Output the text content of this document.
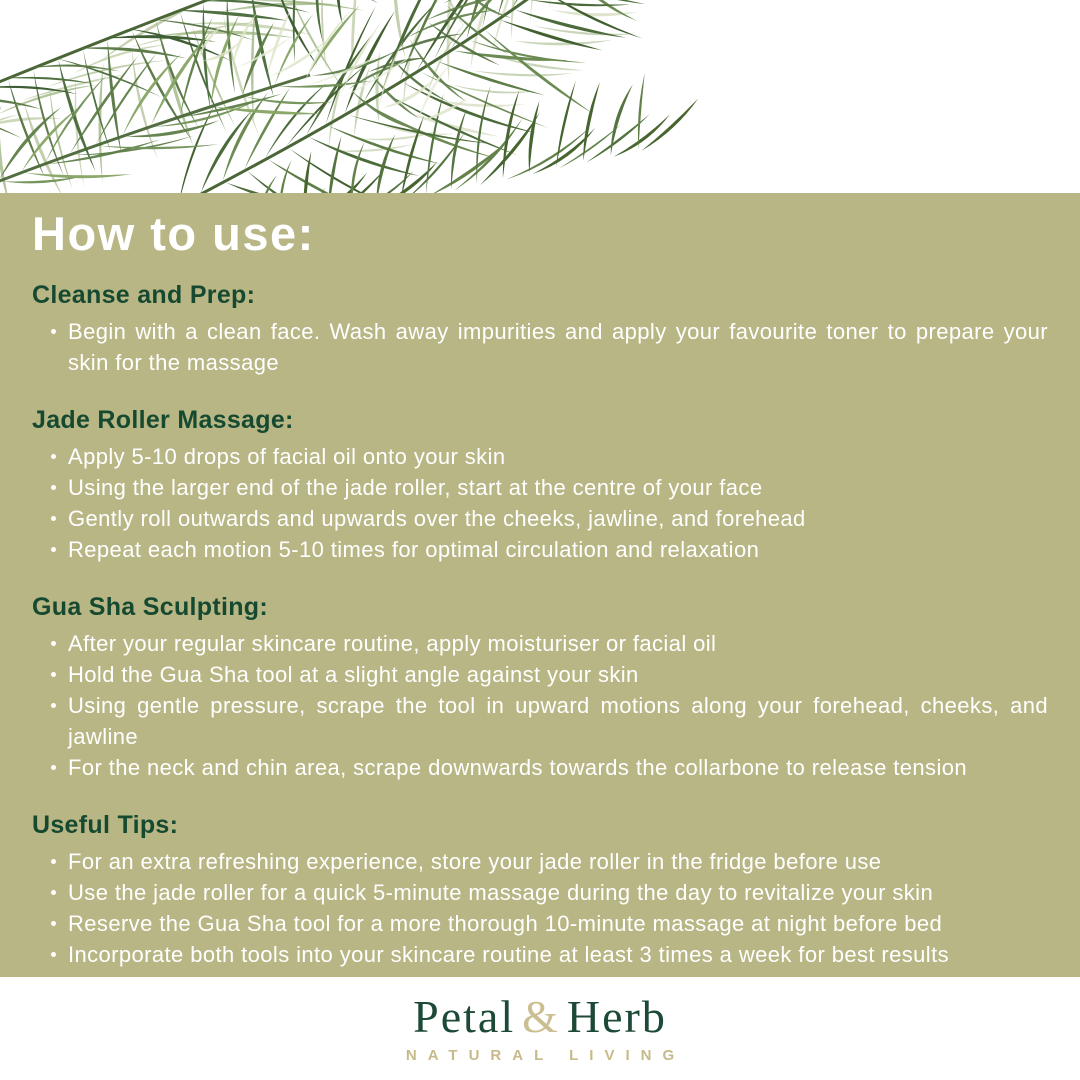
How to use:
Cleanse and Prep:
Begin with a clean face. Wash away impurities and apply your favourite toner to prepare your skin for the massage
Jade Roller Massage:
Apply 5-10 drops of facial oil onto your skin
Using the larger end of the jade roller, start at the centre of your face
Gently roll outwards and upwards over the cheeks, jawline, and forehead
Repeat each motion 5-10 times for optimal circulation and relaxation
Gua Sha Sculpting:
After your regular skincare routine, apply moisturiser or facial oil
Hold the Gua Sha tool at a slight angle against your skin
Using gentle pressure, scrape the tool in upward motions along your forehead, cheeks, and jawline
For the neck and chin area, scrape downwards towards the collarbone to release tension
Useful Tips:
For an extra refreshing experience, store your jade roller in the fridge before use
Use the jade roller for a quick 5-minute massage during the day to revitalize your skin
Reserve the Gua Sha tool for a more thorough 10-minute massage at night before bed
Incorporate both tools into your skincare routine at least 3 times a week for best results
Petal & Herb
NATURAL LIVING
